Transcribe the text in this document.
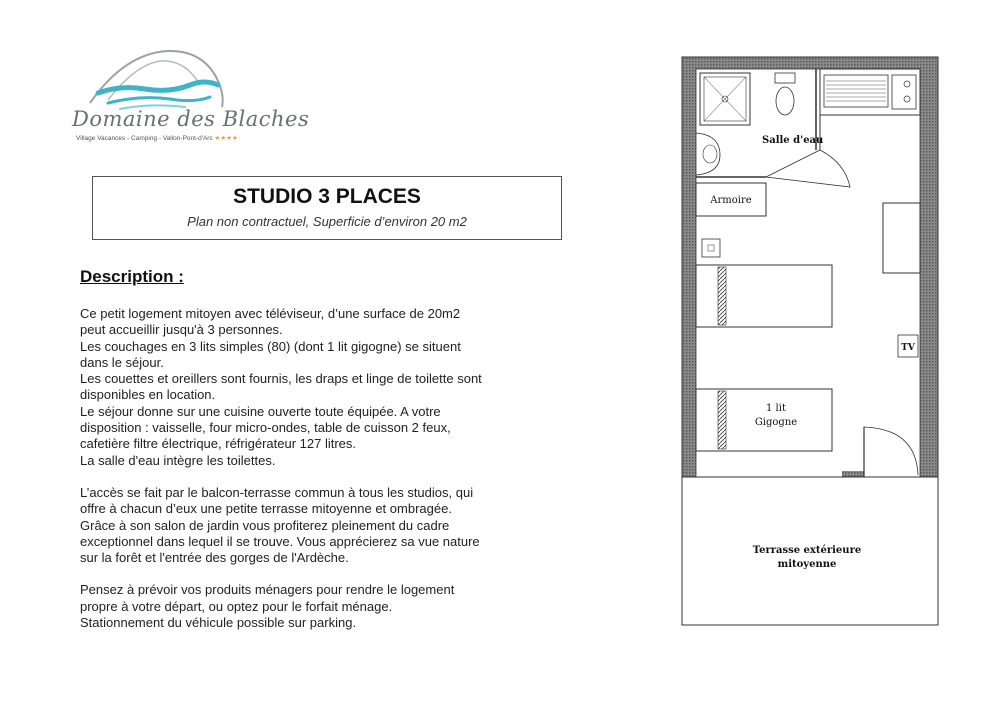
Domaine des Blaches
Village Vacances - Camping - Vallon-Pont-d'Arc ★★★★
STUDIO 3 PLACES
Plan non contractuel, Superficie d’environ 20 m2
Description :

Ce petit logement mitoyen avec téléviseur, d’une surface de 20m2
peut accueillir jusqu'à 3 personnes.
Les couchages en 3 lits simples (80) (dont 1 lit gigogne) se situent
dans le séjour.
Les couettes et oreillers sont fournis, les draps et linge de toilette sont
disponibles en location.
Le séjour donne sur une cuisine ouverte toute équipée. A votre
disposition : vaisselle, four micro-ondes, table de cuisson 2 feux,
cafetière filtre électrique, réfrigérateur 127 litres.
La salle d'eau intègre les toilettes.

L’accès se fait par le balcon-terrasse commun à tous les studios, qui
offre à chacun d’eux une petite terrasse mitoyenne et ombragée.
Grâce à son salon de jardin vous profiterez pleinement du cadre
exceptionnel dans lequel il se trouve. Vous apprécierez sa vue nature
sur la forêt et l'entrée des gorges de l'Ardèche.

Pensez à prévoir vos produits ménagers pour rendre le logement
propre à votre départ, ou optez pour le forfait ménage.
Stationnement du véhicule possible sur parking.

Salle d'eau
Armoire
TV
1 lit
Gigogne
Terrasse extérieure
mitoyenne
